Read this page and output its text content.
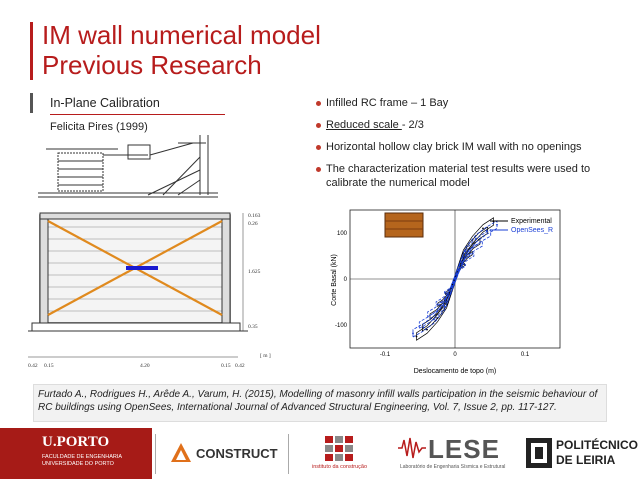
IM wall numerical model
Previous Research
In-Plane Calibration
Felicita Pires (1999)
Infilled RC frame – 1 Bay
Reduced scale - 2/3
Horizontal hollow clay brick IM wall with no openings
The characterization material test results were used to calibrate the numerical model
0.163
0.26
1.625
0.35
0.42 0.15	4.20	0.15 0.42
[ m ]
100
0
-100
-0.1	0	0.1
Experimental
OpenSees_R
Corte Basal (kN)
Deslocamento de topo (m)
Furtado A., Rodrigues H., Arêde A., Varum, H. (2015), Modelling of masonry infill walls participation in the seismic behaviour of RC buildings using OpenSees, International Journal of Advanced Structural Engineering, Vol. 7, Issue 2, pp. 117-127.
U.PORTO
FACULDADE DE ENGENHARIA UNIVERSIDADE DO PORTO
CONSTRUCT
instituto da construção
LESE
Laboratório de Engenharia Sísmica e Estrutural
POLITÉCNICO
DE LEIRIA
